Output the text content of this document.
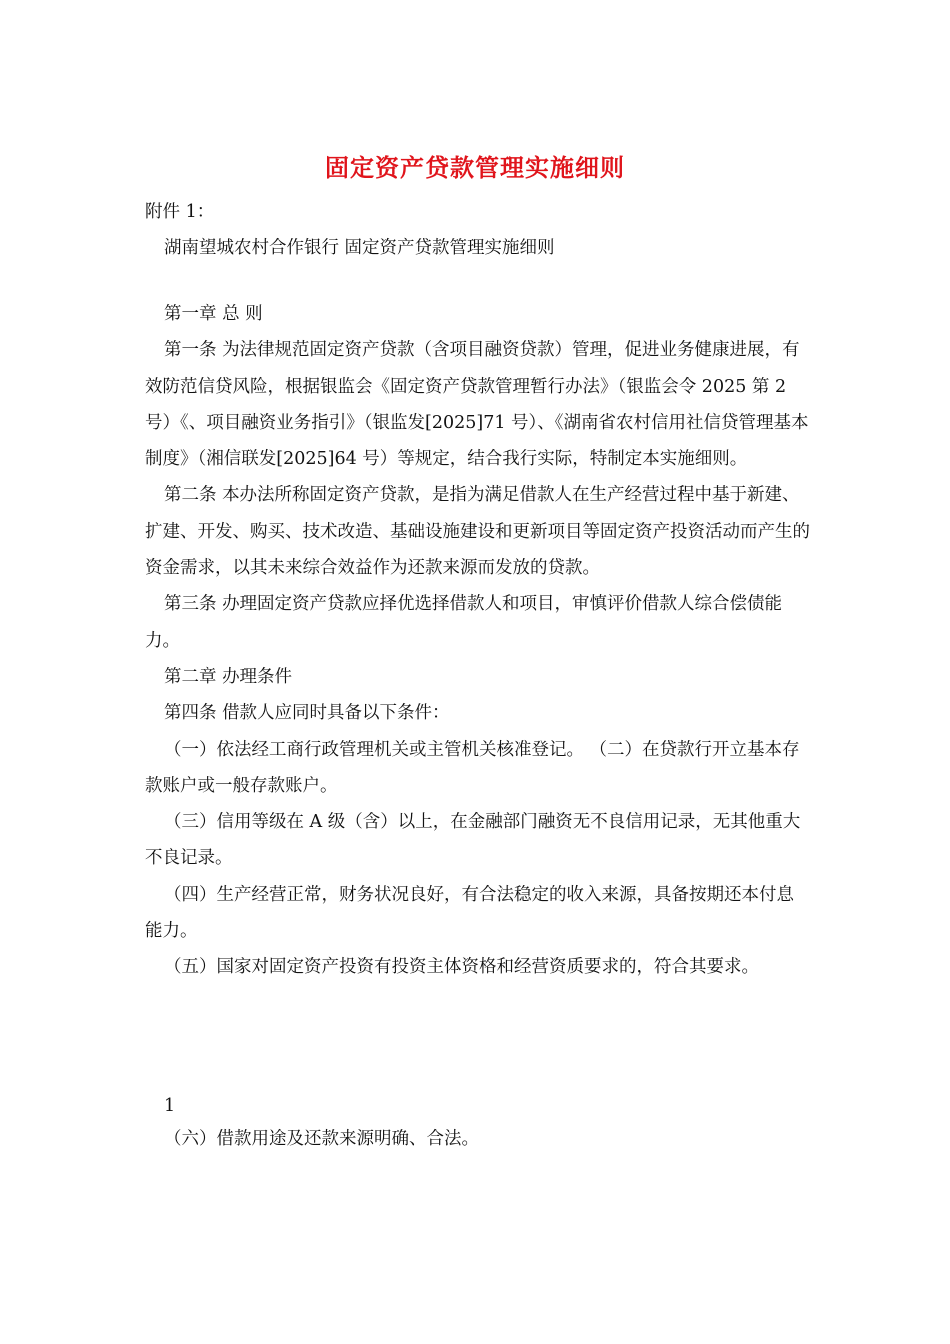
固定资产贷款管理实施细则

附件 1：

湖南望城农村合作银行 固定资产贷款管理实施细则

第一章 总 则

第一条 为法律规范固定资产贷款（含项目融资贷款）管理，促进业务健康进展，有效防范信贷风险，根据银监会《固定资产贷款管理暂行办法》（银监会令 2025 第 2 号）《、项目融资业务指引》（银监发[2025]71 号）、《湖南省农村信用社信贷管理基本制度》（湘信联发[2025]64 号）等规定，结合我行实际，特制定本实施细则。

第二条 本办法所称固定资产贷款，是指为满足借款人在生产经营过程中基于新建、扩建、开发、购买、技术改造、基础设施建设和更新项目等固定资产投资活动而产生的资金需求，以其未来综合效益作为还款来源而发放的贷款。

第三条 办理固定资产贷款应择优选择借款人和项目，审慎评价借款人综合偿债能力。

第二章 办理条件

第四条 借款人应同时具备以下条件：

（一）依法经工商行政管理机关或主管机关核准登记。 （二）在贷款行开立基本存款账户或一般存款账户。

（三）信用等级在 A 级（含）以上，在金融部门融资无不良信用记录，无其他重大不良记录。

（四）生产经营正常，财务状况良好，有合法稳定的收入来源，具备按期还本付息能力。

（五）国家对固定资产投资有投资主体资格和经营资质要求的，符合其要求。

1

（六）借款用途及还款来源明确、合法。
